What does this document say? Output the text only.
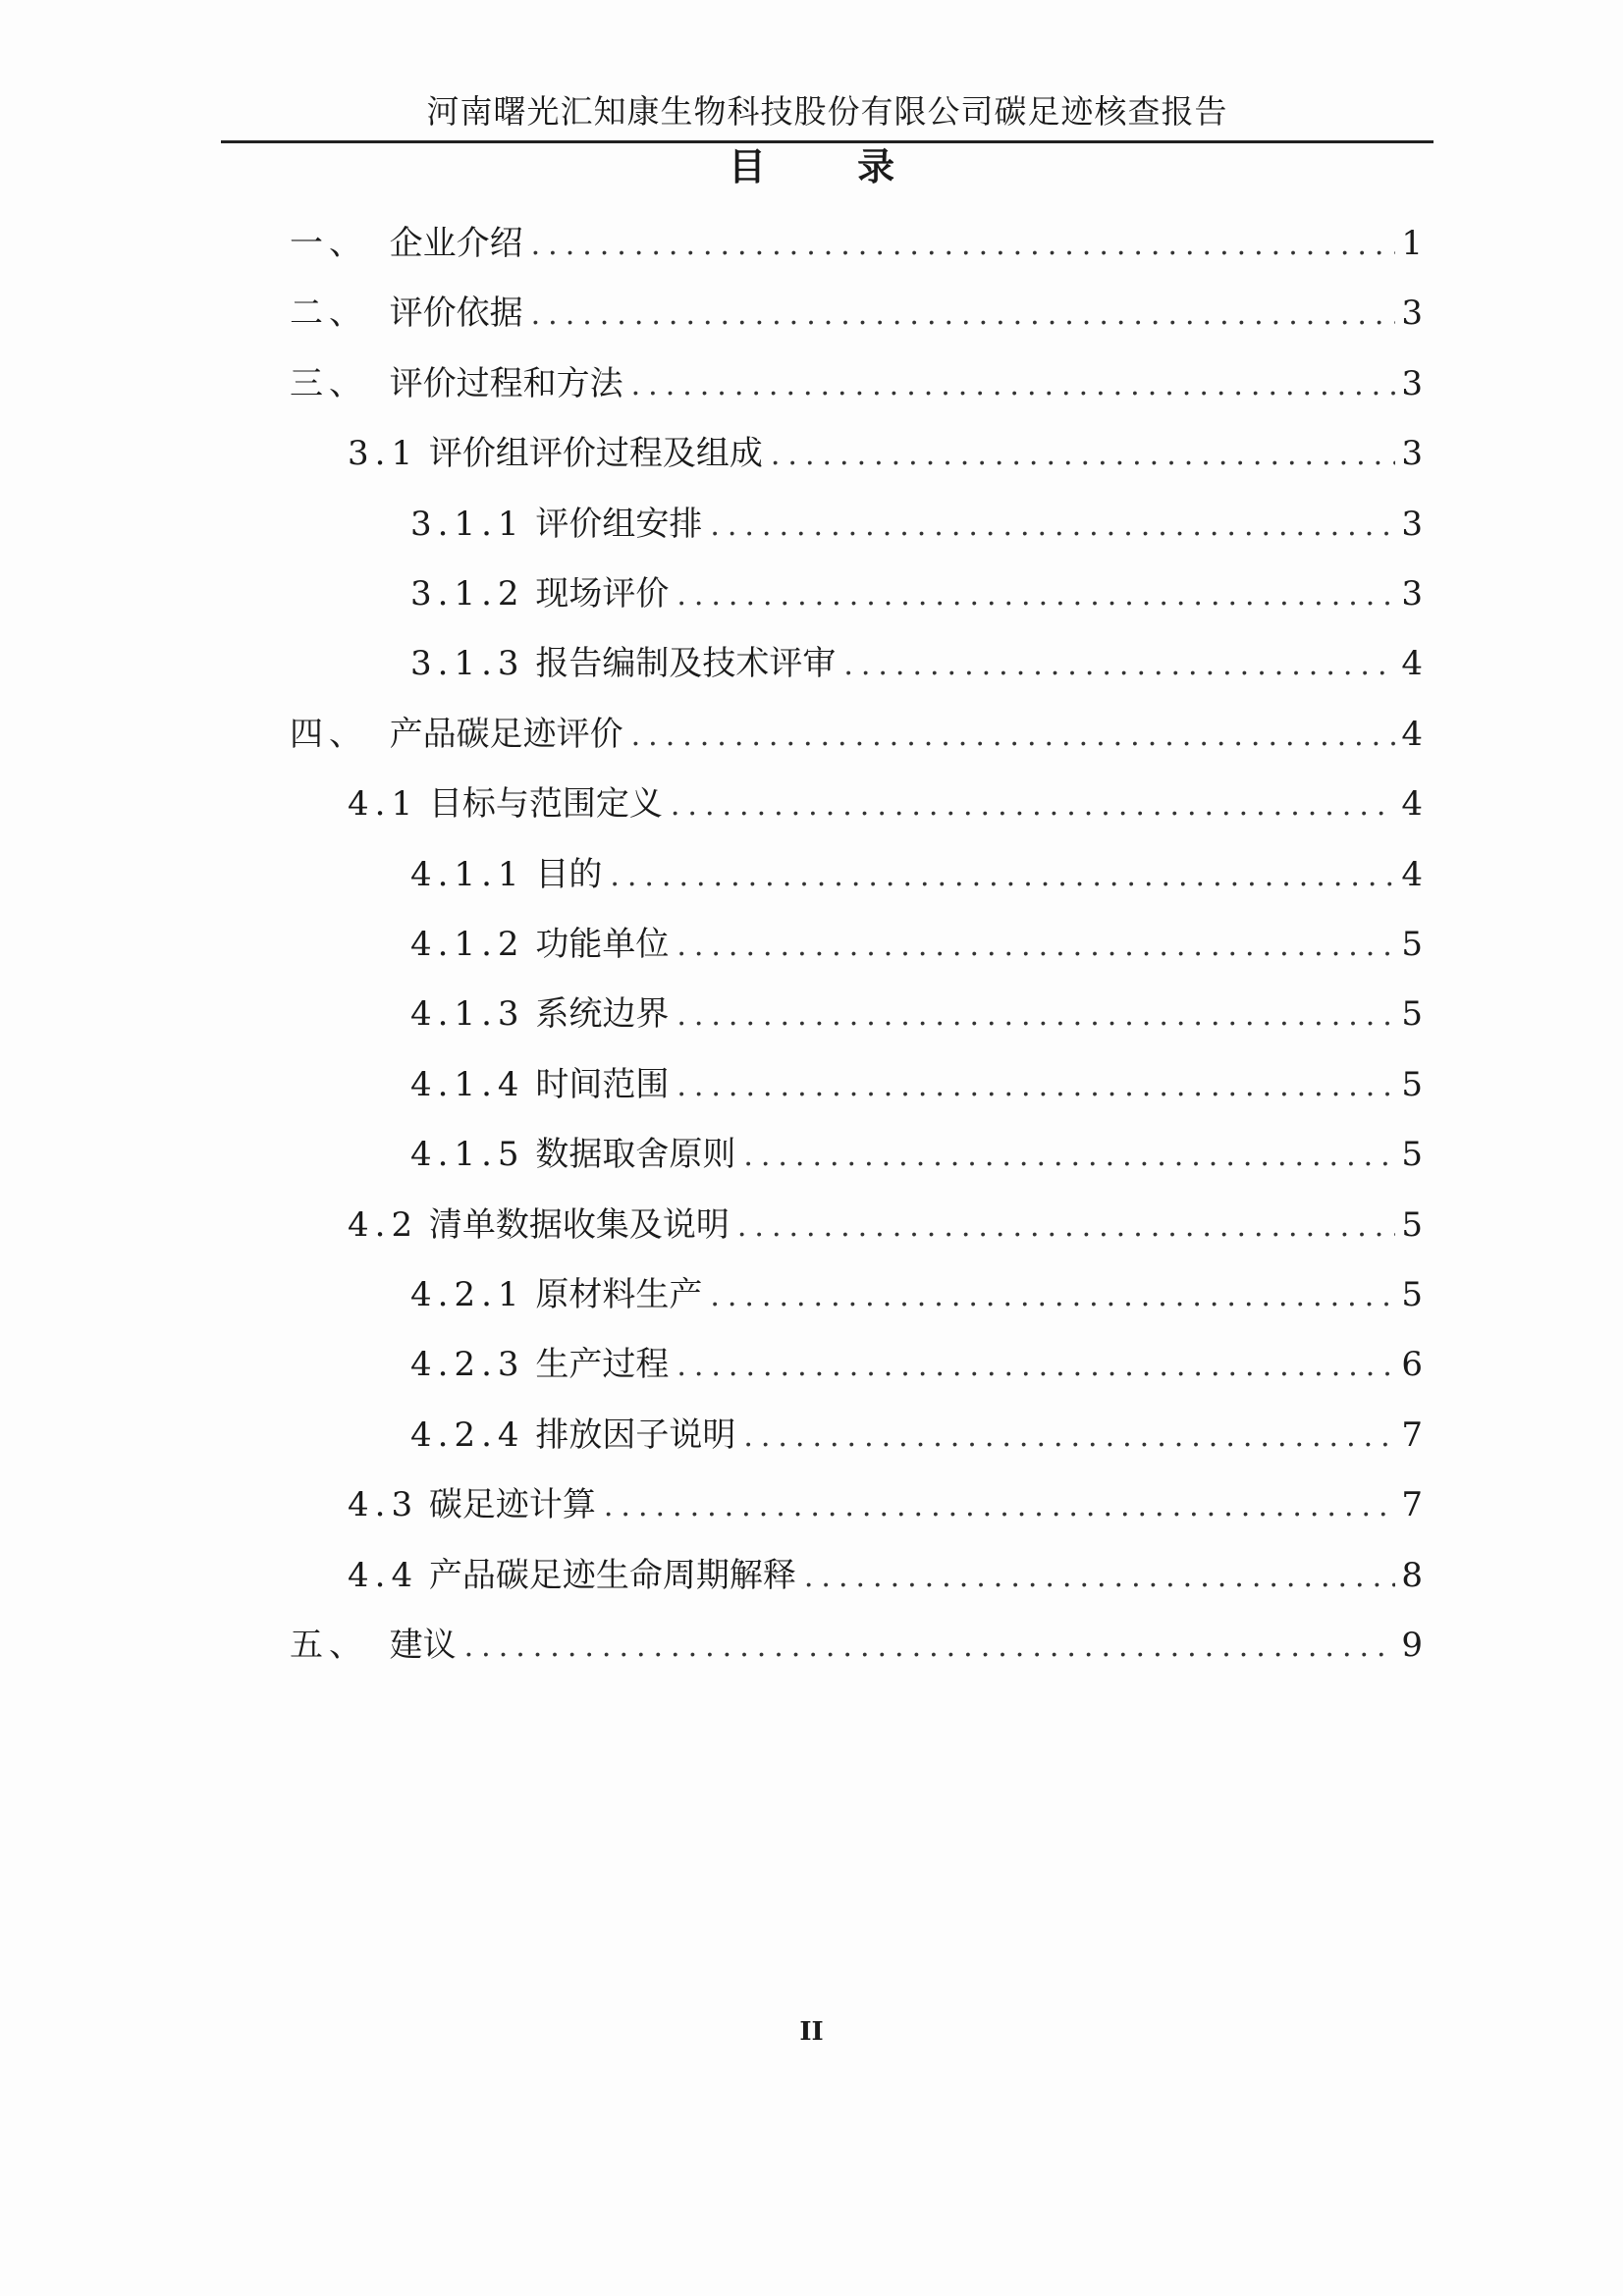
河南曙光汇知康生物科技股份有限公司碳足迹核查报告
目 录
一、 企业介绍 .....	1
二、 评价依据 .....	3
三、 评价过程和方法 .....	3
3.1 评价组评价过程及组成 .....	3
3.1.1 评价组安排 .....	3
3.1.2 现场评价 .....	3
3.1.3 报告编制及技术评审 .....	4
四、 产品碳足迹评价 .....	4
4.1 目标与范围定义 .....	4
4.1.1 目的 .....	4
4.1.2 功能单位 .....	5
4.1.3 系统边界 .....	5
4.1.4 时间范围 .....	5
4.1.5 数据取舍原则 .....	5
4.2 清单数据收集及说明 .....	5
4.2.1 原材料生产 .....	5
4.2.3 生产过程 .....	6
4.2.4 排放因子说明 .....	7
4.3 碳足迹计算 .....	7
4.4 产品碳足迹生命周期解释 .....	8
五、 建议 .....	9
II
